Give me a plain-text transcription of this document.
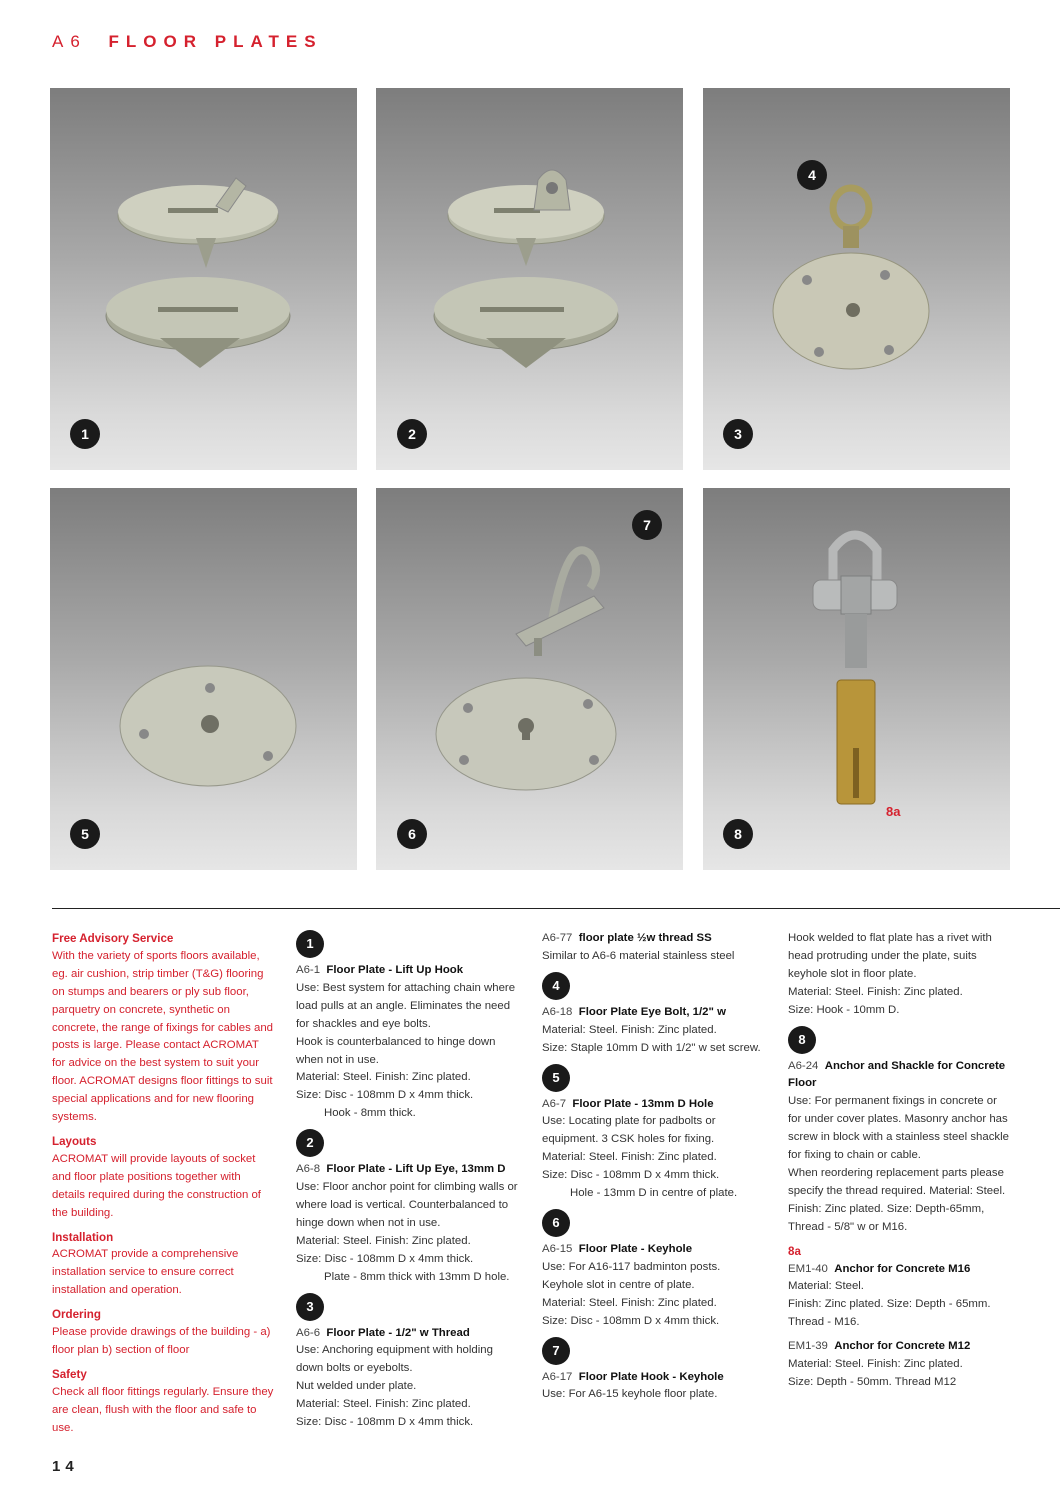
A6 FLOOR PLATES
1	2
4
3
5
7
6
8a
8

Free Advisory Service

With the variety of sports floors available, eg. air cushion, strip timber (T&G) flooring on stumps and bearers or ply sub floor, parquetry on concrete, synthetic on concrete, the range of fixings for cables and posts is large. Please contact ACROMAT for advice on the best system to suit your floor. ACROMAT designs floor fittings to suit special applications and for new flooring systems.

Layouts

ACROMAT will provide layouts of socket and floor plate positions together with details required during the construction of the building.

Installation

ACROMAT provide a comprehensive installation service to ensure correct installation and operation.

Ordering

Please provide drawings of the building - a) floor plan b) section of floor

Safety

Check all floor fittings regularly. Ensure they are clean, flush with the floor and safe to use.

1

A6-1 Floor Plate - Lift Up Hook

Use: Best system for attaching chain where load pulls at an angle. Eliminates the need for shackles and eye bolts.

Hook is counterbalanced to hinge down when not in use.

Material: Steel. Finish: Zinc plated.

Size: Disc - 108mm D x 4mm thick.

Hook - 8mm thick.

2

A6-8 Floor Plate - Lift Up Eye, 13mm D

Use: Floor anchor point for climbing walls or where load is vertical. Counterbalanced to hinge down when not in use.

Material: Steel. Finish: Zinc plated.

Size: Disc - 108mm D x 4mm thick.

Plate - 8mm thick with 13mm D hole.

3

A6-6 Floor Plate - 1/2" w Thread

Use: Anchoring equipment with holding down bolts or eyebolts.

Nut welded under plate.

Material: Steel. Finish: Zinc plated.

Size: Disc - 108mm D x 4mm thick.

A6-77 floor plate ½w thread SS

Similar to A6-6 material stainless steel

4

A6-18 Floor Plate Eye Bolt, 1/2" w

Material: Steel. Finish: Zinc plated.

Size: Staple 10mm D with 1/2" w set screw.

5

A6-7 Floor Plate - 13mm D Hole

Use: Locating plate for padbolts or equipment. 3 CSK holes for fixing.

Material: Steel. Finish: Zinc plated.

Size: Disc - 108mm D x 4mm thick.

Hole - 13mm D in centre of plate.

6

A6-15 Floor Plate - Keyhole

Use: For A16-117 badminton posts. Keyhole slot in centre of plate.

Material: Steel. Finish: Zinc plated.

Size: Disc - 108mm D x 4mm thick.

7

A6-17 Floor Plate Hook - Keyhole

Use: For A6-15 keyhole floor plate.

Hook welded to flat plate has a rivet with head protruding under the plate, suits keyhole slot in floor plate.

Material: Steel. Finish: Zinc plated.

Size: Hook - 10mm D.

8

A6-24 Anchor and Shackle for Concrete Floor

Use: For permanent fixings in concrete or for under cover plates. Masonry anchor has screw in block with a stainless steel shackle for fixing to chain or cable.

When reordering replacement parts please specify the thread required. Material: Steel. Finish: Zinc plated. Size: Depth-65mm, Thread - 5/8" w or M16.

8a

EM1-40 Anchor for Concrete M16

Material: Steel.

Finish: Zinc plated. Size: Depth - 65mm.

Thread - M16.

EM1-39 Anchor for Concrete M12

Material: Steel. Finish: Zinc plated.

Size: Depth - 50mm. Thread M12

14
